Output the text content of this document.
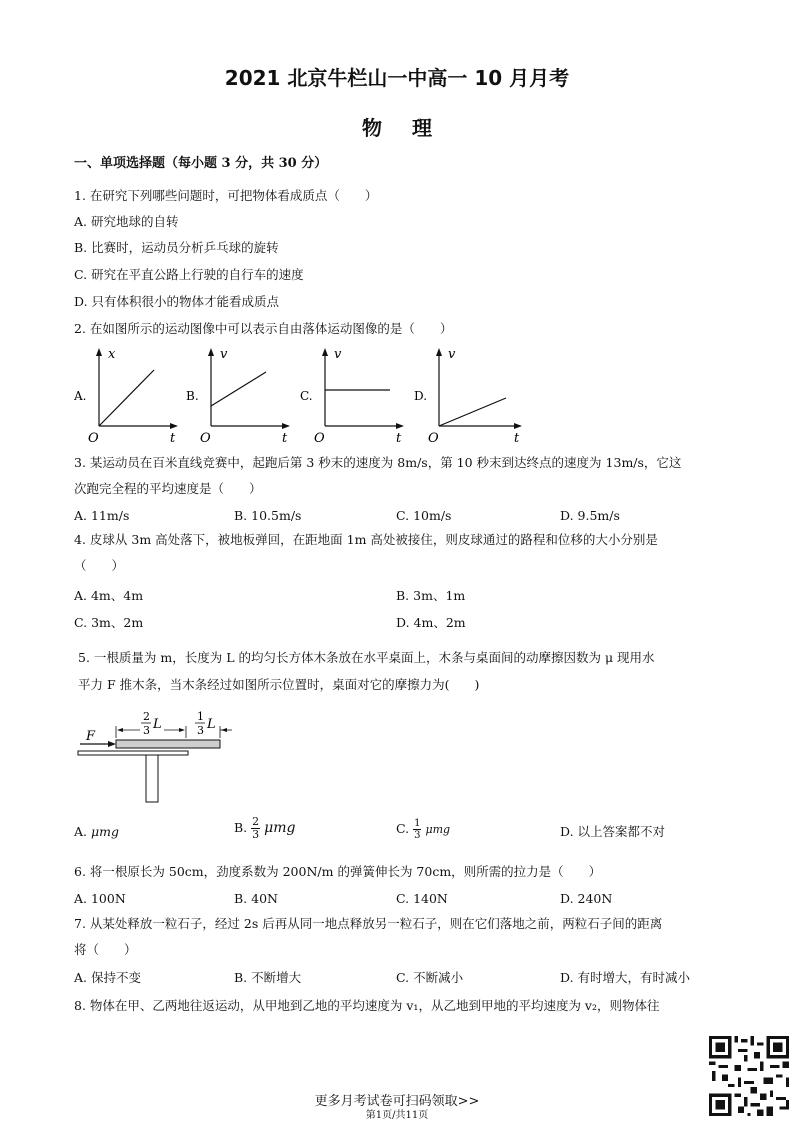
2021 北京牛栏山一中高一 10 月月考
物理
一、单项选择题（每小题 3 分，共 30 分）
1. 在研究下列哪些问题时，可把物体看成质点（　　）
A. 研究地球的自转
B. 比赛时，运动员分析乒乓球的旋转
C. 研究在平直公路上行驶的自行车的速度
D. 只有体积很小的物体才能看成质点
2. 在如图所示的运动图像中可以表示自由落体运动图像的是（　　）
A.
x
t
O
B.
v
t
O
C.
v
t
O
D.
v
t
O
3. 某运动员在百米直线竞赛中，起跑后第 3 秒末的速度为 8m/s，第 10 秒末到达终点的速度为 13m/s，它这
次跑完全程的平均速度是（　　）
A. 11m/s	B. 10.5m/s	C. 10m/s	D. 9.5m/s
4. 皮球从 3m 高处落下，被地板弹回，在距地面 1m 高处被接住，则皮球通过的路程和位移的大小分别是
（　　）
A. 4m、4m	B. 3m、1m
C. 3m、2m	D. 4m、2m
5. 一根质量为 m，长度为 L 的均匀长方体木条放在水平桌面上，木条与桌面间的动摩擦因数为 μ 现用水
平力 F 推木条，当木条经过如图所示位置时，桌面对它的摩擦力为(　　)
F
2
3 L
1
3 L
A. μmg	B. $\frac{2}{3}$ μmg	C. $\frac{1}{3}$ μmg	D. 以上答案都不对
6. 将一根原长为 50cm，劲度系数为 200N/m 的弹簧伸长为 70cm，则所需的拉力是（　　）
A. 100N	B. 40N	C. 140N	D. 240N
7. 从某处释放一粒石子，经过 2s 后再从同一地点释放另一粒石子，则在它们落地之前，两粒石子间的距离
将（　　）
A. 保持不变	B. 不断增大	C. 不断减小	D. 有时增大，有时减小
8. 物体在甲、乙两地往返运动，从甲地到乙地的平均速度为 v₁，从乙地到甲地的平均速度为 v₂，则物体往
更多月考试卷可扫码领取>>
第1页/共11页
